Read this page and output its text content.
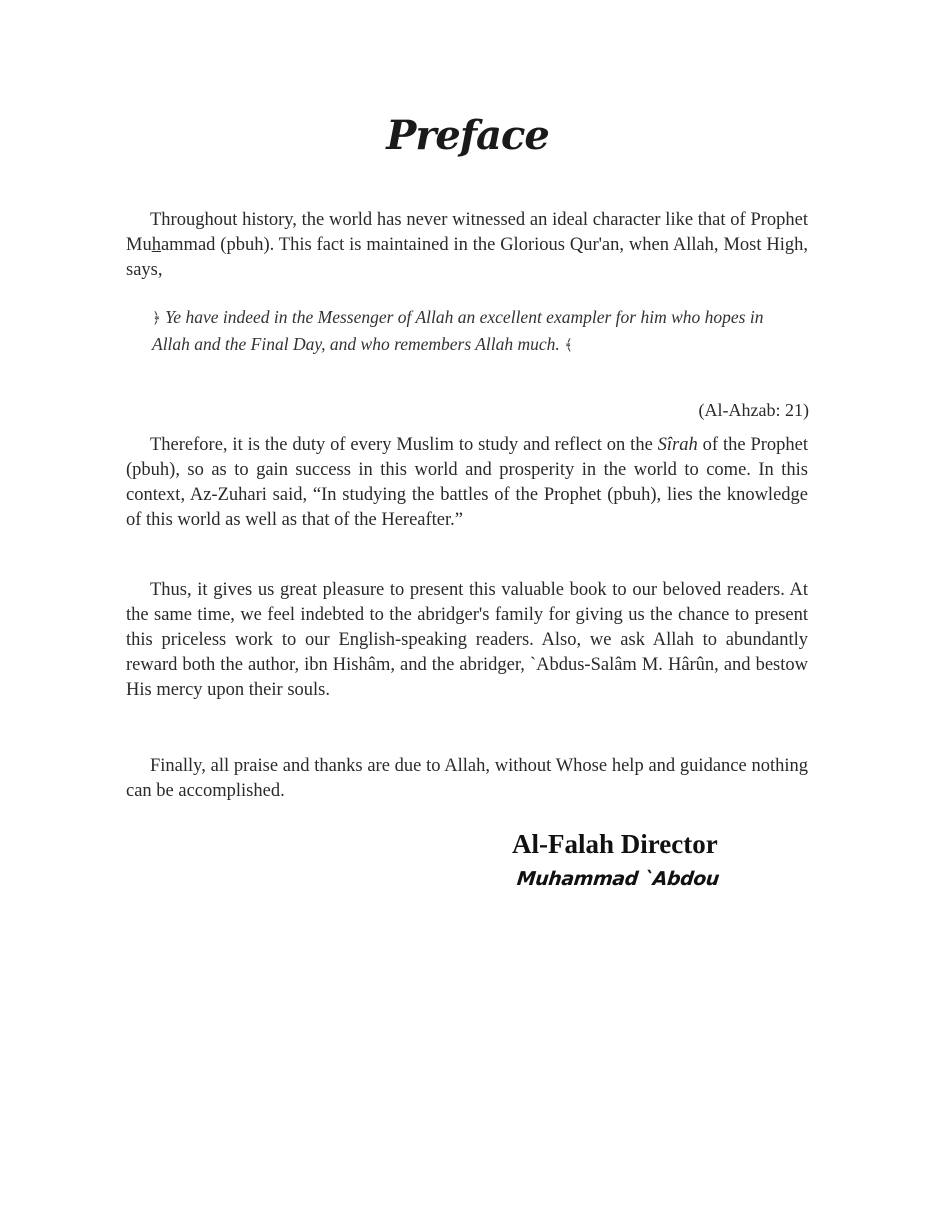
Preface

Throughout history, the world has never witnessed an ideal character like that of Prophet Muhammad (pbuh). This fact is maintained in the Glorious Qur'an, when Allah, Most High, says,

﴿ Ye have indeed in the Messenger of Allah an excellent exampler for him who hopes in Allah and the Final Day, and who remembers Allah much. ﴾

(Al-Ahzab: 21)

Therefore, it is the duty of every Muslim to study and reflect on the Sîrah of the Prophet (pbuh), so as to gain success in this world and prosperity in the world to come. In this context, Az-Zuhari said, “In studying the battles of the Prophet (pbuh), lies the knowledge of this world as well as that of the Hereafter.”

Thus, it gives us great pleasure to present this valuable book to our beloved readers. At the same time, we feel indebted to the abridger's family for giving us the chance to present this priceless work to our English-speaking readers. Also, we ask Allah to abundantly reward both the author, ibn Hishâm, and the abridger, `Abdus-Salâm M. Hârûn, and bestow His mercy upon their souls.

Finally, all praise and thanks are due to Allah, without Whose help and guidance nothing can be accomplished.

Al-Falah Director

Muhammad `Abdou
